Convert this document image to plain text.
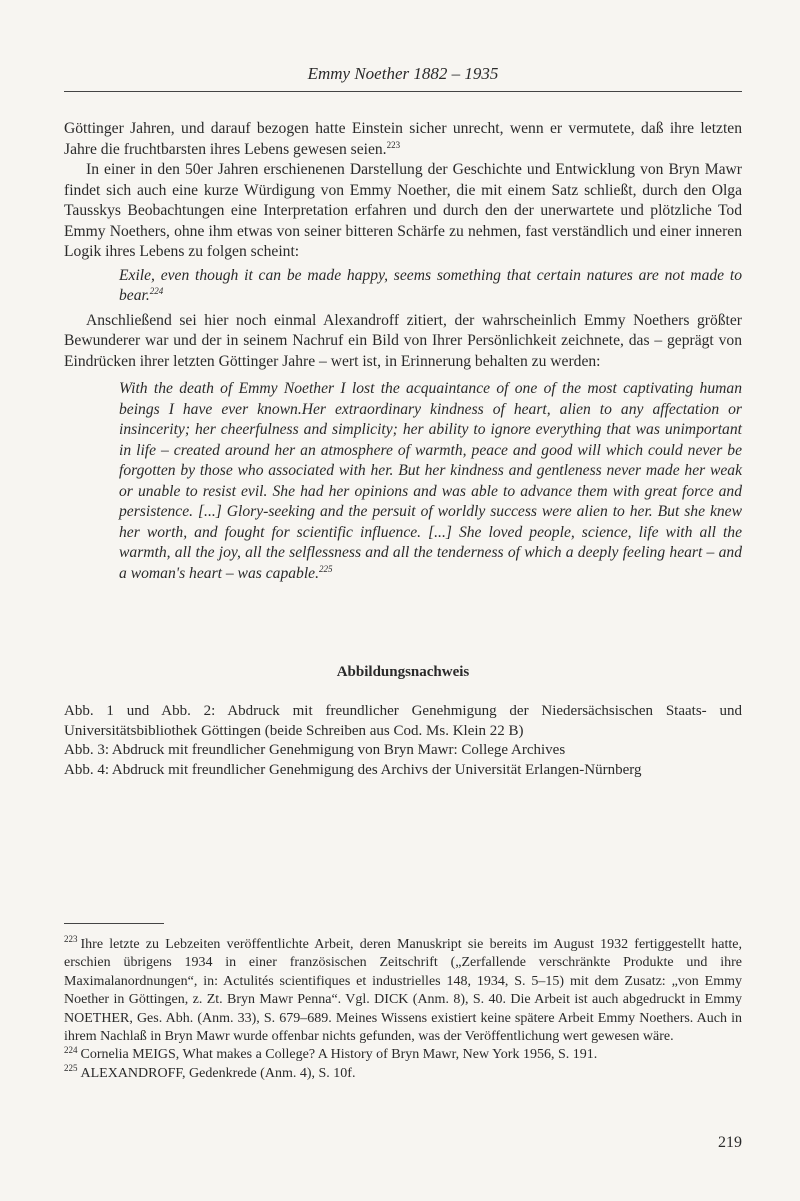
Emmy Noether 1882 – 1935

Göttinger Jahren, und darauf bezogen hatte Einstein sicher unrecht, wenn er vermutete, daß ihre letzten Jahre die fruchtbarsten ihres Lebens gewesen seien.$^{223}$

In einer in den 50er Jahren erschienenen Darstellung der Geschichte und Entwicklung von Bryn Mawr findet sich auch eine kurze Würdigung von Emmy Noether, die mit einem Satz schließt, durch den Olga Tausskys Beobachtungen eine Interpretation erfahren und durch den der unerwartete und plötzliche Tod Emmy Noethers, ohne ihm etwas von seiner bitteren Schärfe zu nehmen, fast verständlich und einer inneren Logik ihres Lebens zu folgen scheint:

Exile, even though it can be made happy, seems something that certain natures are not made to bear.$^{224}$

Anschließend sei hier noch einmal Alexandroff zitiert, der wahrscheinlich Emmy Noethers größter Bewunderer war und der in seinem Nachruf ein Bild von Ihrer Persönlichkeit zeichnete, das – geprägt von Eindrücken ihrer letzten Göttinger Jahre – wert ist, in Erinnerung behalten zu werden:

With the death of Emmy Noether I lost the acquaintance of one of the most captivating human beings I have ever known.Her extraordinary kindness of heart, alien to any affectation or insincerity; her cheerfulness and simplicity; her ability to ignore everything that was unimportant in life – created around her an atmosphere of warmth, peace and good will which could never be forgotten by those who associated with her. But her kindness and gentleness never made her weak or unable to resist evil. She had her opinions and was able to advance them with great force and persistence. [...] Glory-seeking and the persuit of worldly success were alien to her. But she knew her worth, and fought for scientific influence. [...] She loved people, science, life with all the warmth, all the joy, all the selflessness and all the tenderness of which a deeply feeling heart – and a woman's heart – was capable.$^{225}$

Abbildungsnachweis

Abb. 1 und Abb. 2: Abdruck mit freundlicher Genehmigung der Niedersächsischen Staats- und Universitätsbibliothek Göttingen (beide Schreiben aus Cod. Ms. Klein 22 B)

Abb. 3: Abdruck mit freundlicher Genehmigung von Bryn Mawr: College Archives

Abb. 4: Abdruck mit freundlicher Genehmigung des Archivs der Universität Erlangen-Nürnberg

$^{223}$ Ihre letzte zu Lebzeiten veröffentlichte Arbeit, deren Manuskript sie bereits im August 1932 fertiggestellt hatte, erschien übrigens 1934 in einer französischen Zeitschrift („Zerfallende verschränkte Produkte und ihre Maximalanordnungen“, in: Actulités scientifiques et industrielles 148, 1934, S. 5–15) mit dem Zusatz: „von Emmy Noether in Göttingen, z. Zt. Bryn Mawr Penna“. Vgl. DICK (Anm. 8), S. 40. Die Arbeit ist auch abgedruckt in Emmy NOETHER, Ges. Abh. (Anm. 33), S. 679–689. Meines Wissens existiert keine spätere Arbeit Emmy Noethers. Auch in ihrem Nachlaß in Bryn Mawr wurde offenbar nichts gefunden, was der Veröffentlichung wert gewesen wäre.

$^{224}$ Cornelia MEIGS, What makes a College? A History of Bryn Mawr, New York 1956, S. 191.

$^{225}$ ALEXANDROFF, Gedenkrede (Anm. 4), S. 10f.

219
